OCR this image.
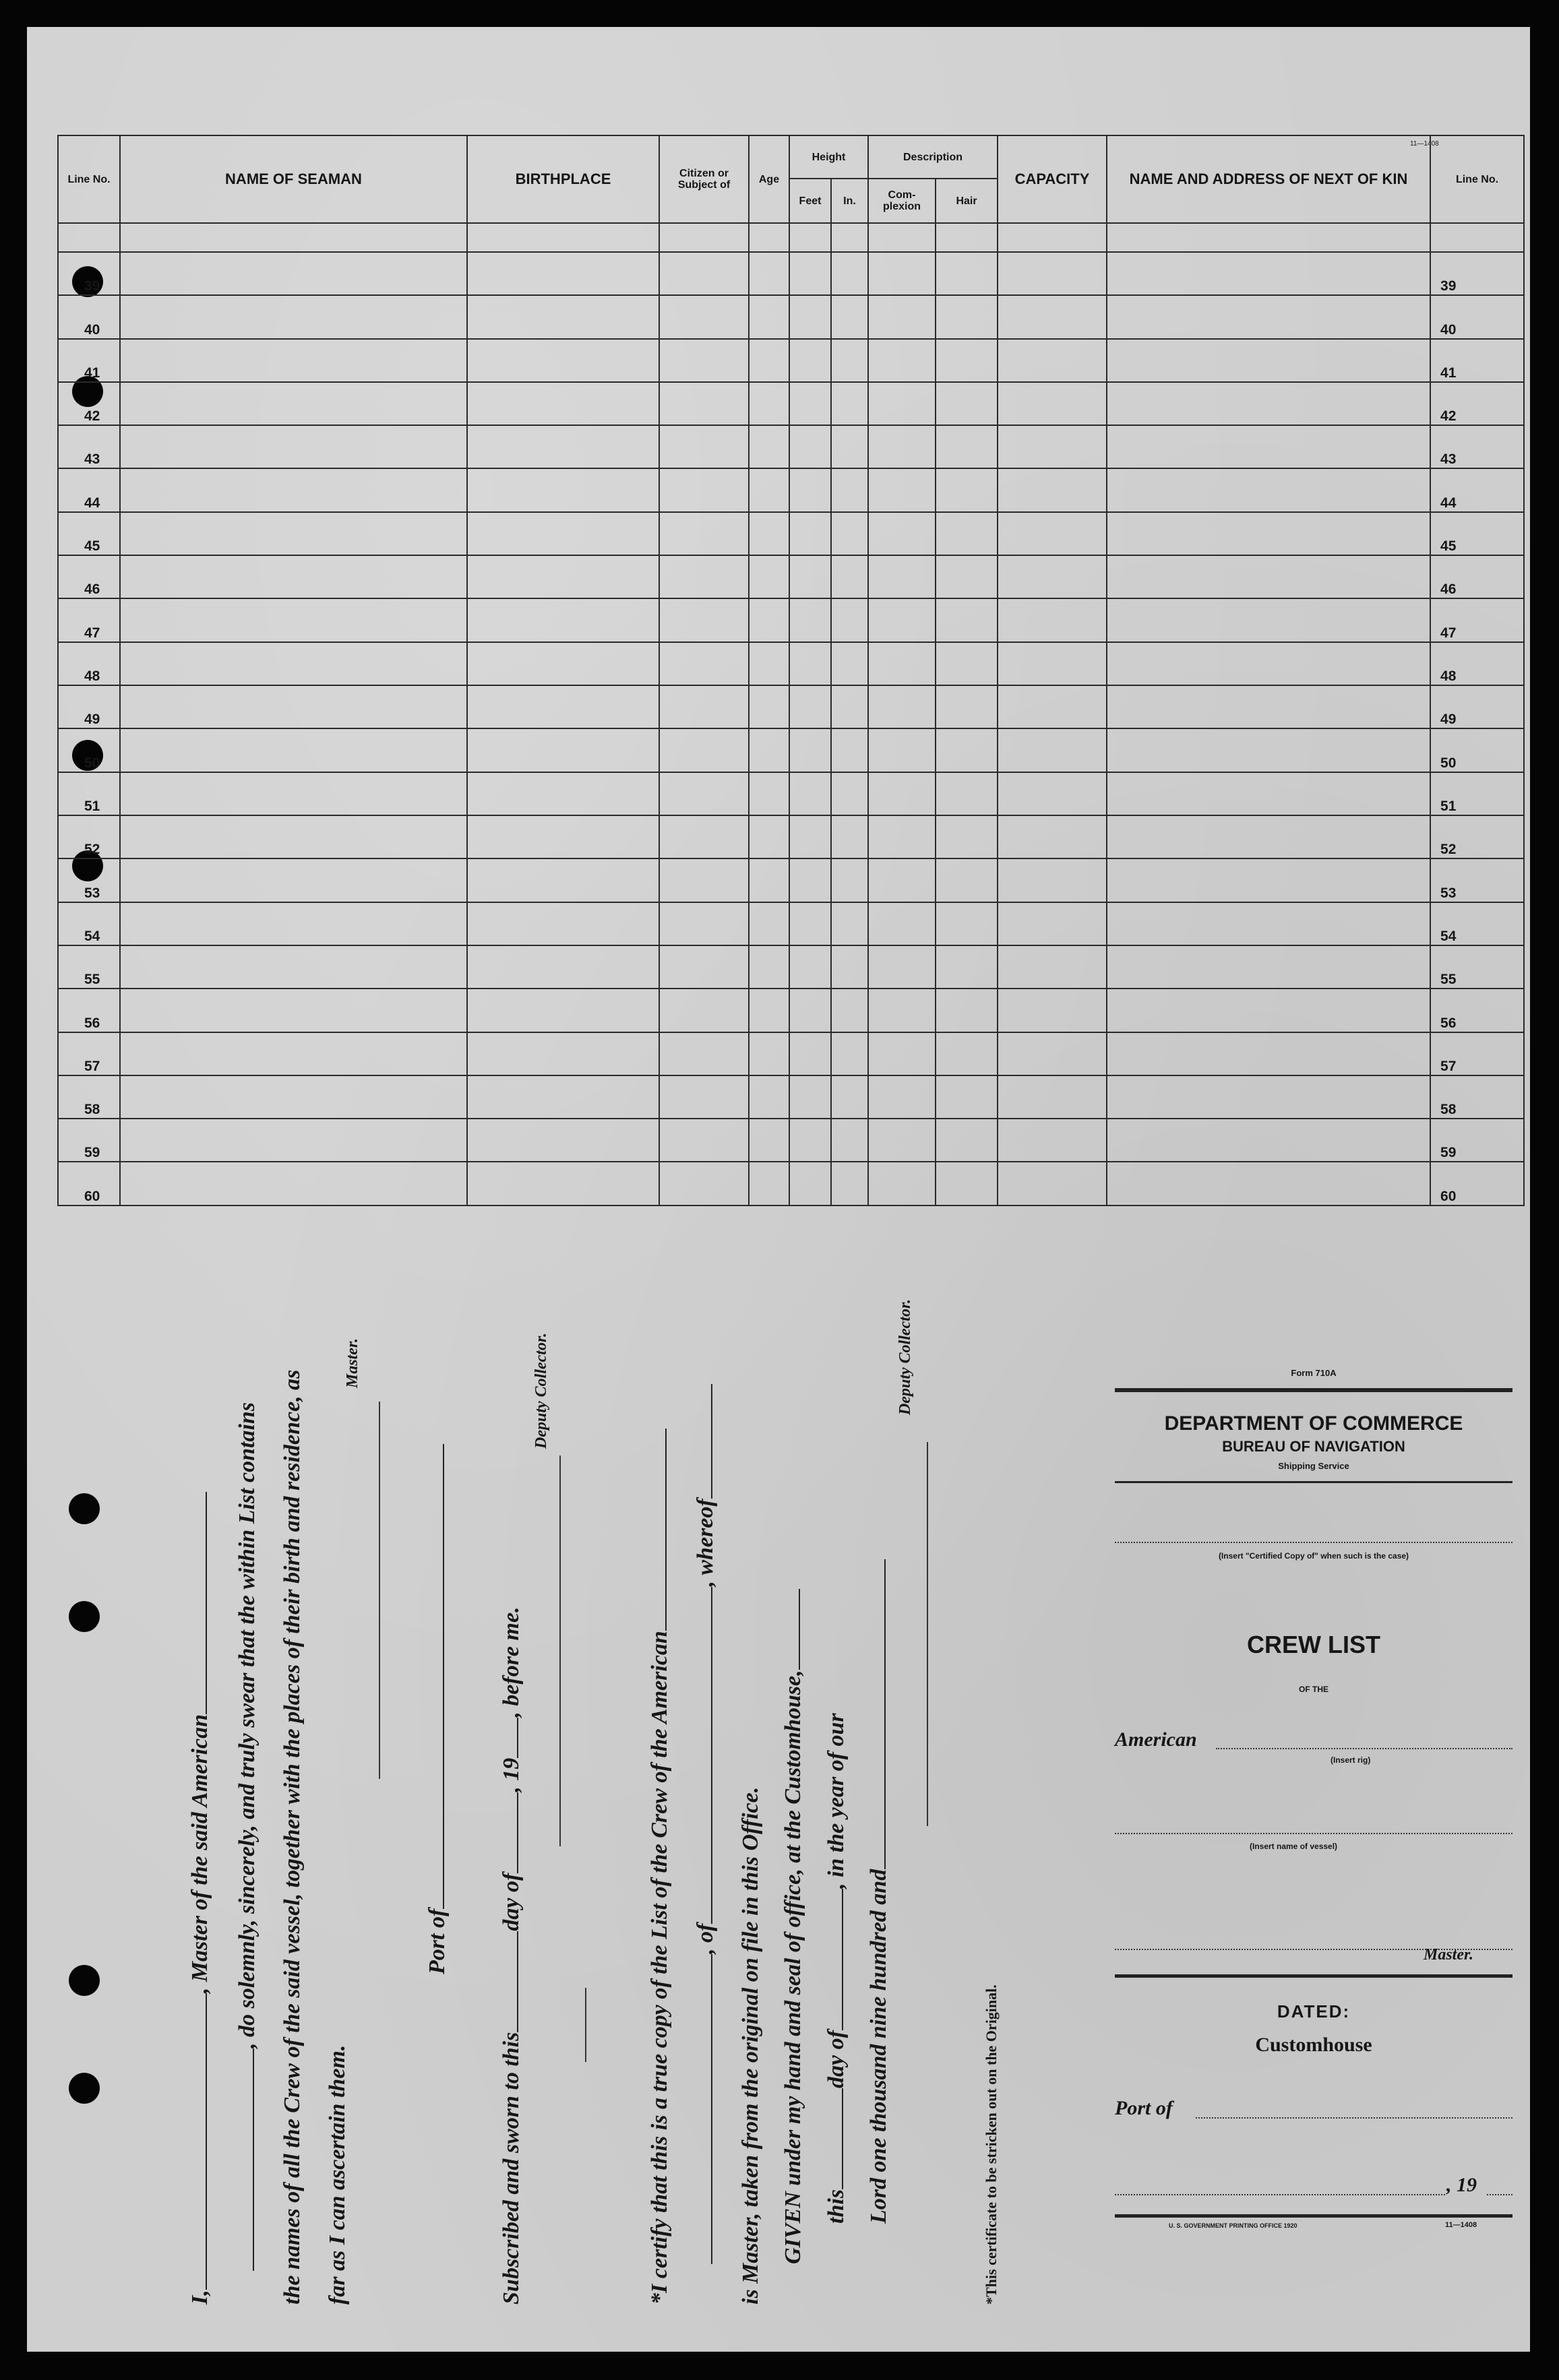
11—1408
Line No.	NAME OF SEAMAN	BIRTHPLACE	Citizen or Subject of	Age	Height		Description		CAPACITY	NAME AND ADDRESS OF NEXT OF KIN	Line No.
					Feet	In.	Com-plexion	Hair			

39											39
40											40
41											41
42											42
43											43
44											44
45											45
46											46
47											47
48											48
49											49
50											50
51											51
52											52
53											53
54											54
55											55
56											56
57											57
58											58
59											59
60											60
I,, Master of the said American , do solemnly, sincerely, and truly swear that the within List contains the names of all the Crew of the said vessel, together with the places of their birth and residence, as far as I can ascertain them.
Master.
Port of
Subscribed and sworn to thisday of, 19, before me.
Deputy Collector.
*I certify that this is a true copy of the List of the Crew of the American , of, whereof
is Master, taken from the original on file in this Office. GIVEN under my hand and seal of office, at the Customhouse, thisday of, in the year of our
Lord one thousand nine hundred and
Deputy Collector.
*This certificate to be stricken out on the Original.
Form 710A
DEPARTMENT OF COMMERCE
BUREAU OF NAVIGATION
Shipping Service
(Insert "Certified Copy of" when such is the case)
CREW LIST
OF THE
American
(Insert rig)
(Insert name of vessel)
Master.
DATED:
Customhouse
Port of
, 19
U. S. GOVERNMENT PRINTING OFFICE 1920	11—1408
